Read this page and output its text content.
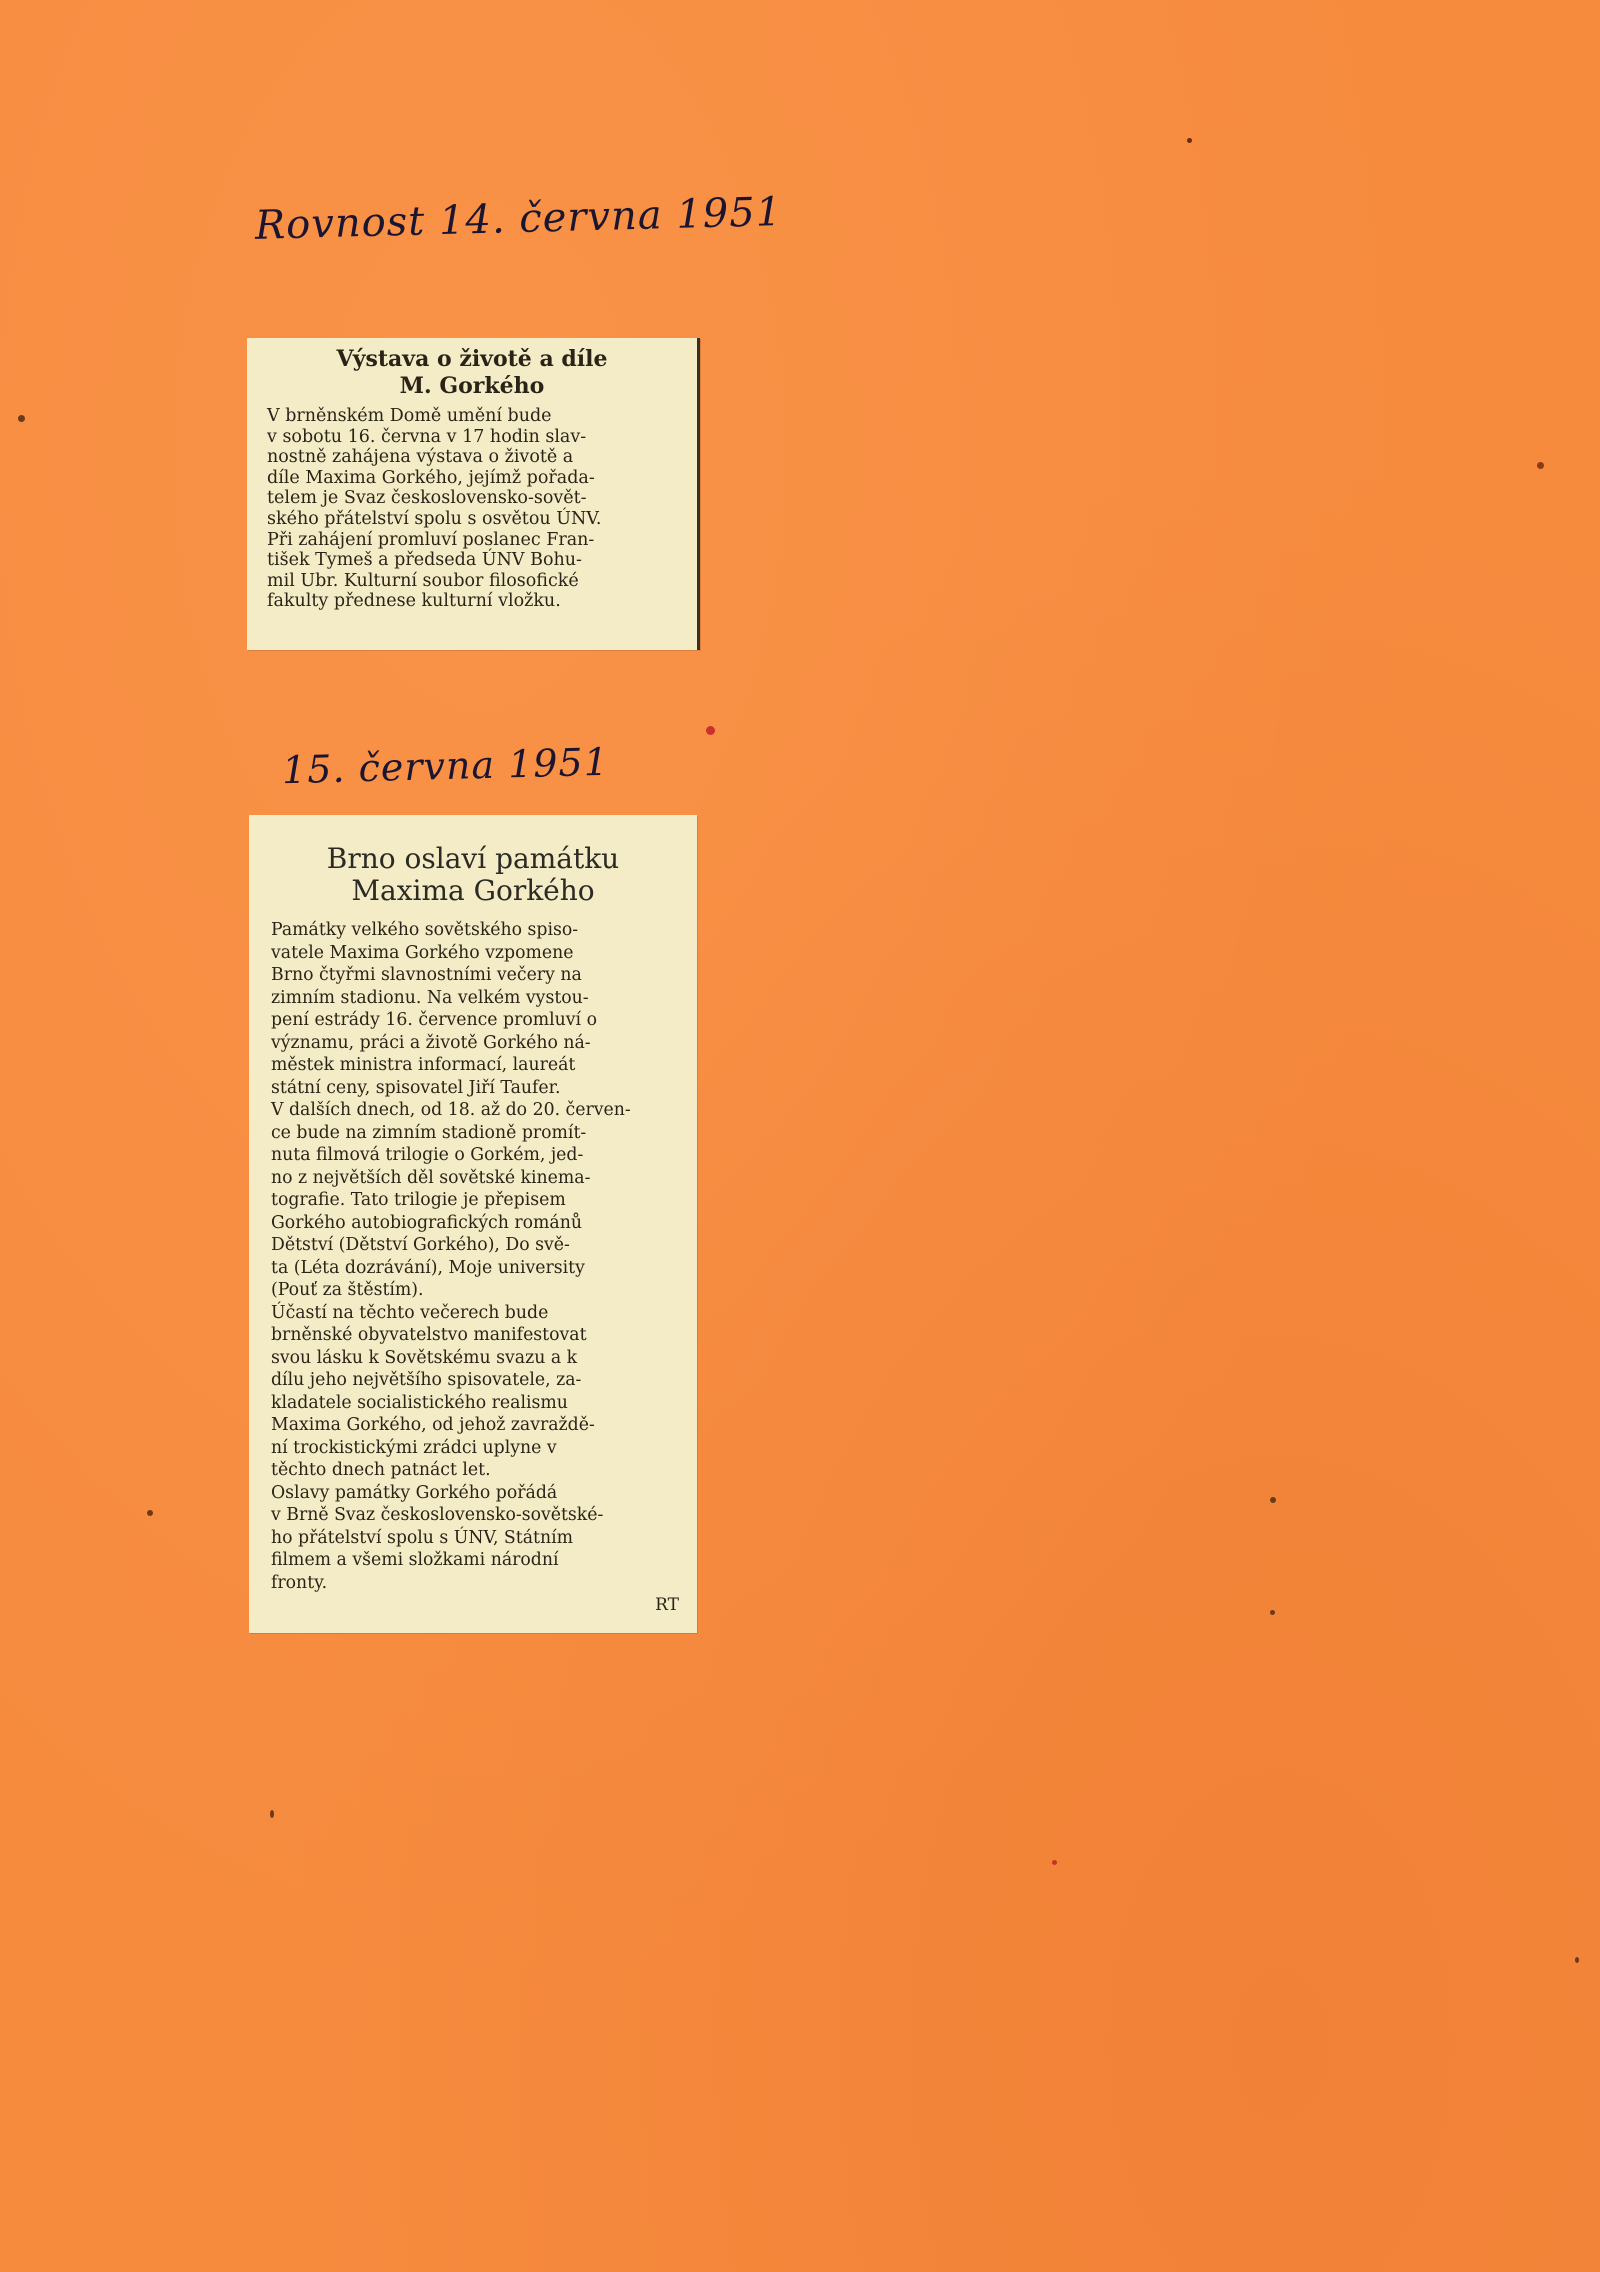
Rovnost 14. června 1951
Výstava o životě a díle
M. Gorkého
V brněnském Domě umění bude
v sobotu 16. června v 17 hodin slav-
nostně zahájena výstava o životě a
díle Maxima Gorkého, jejímž pořada-
telem je Svaz československo-sovět-
ského přátelství spolu s osvětou ÚNV.
Při zahájení promluví poslanec Fran-
tišek Tymeš a předseda ÚNV Bohu-
mil Ubr. Kulturní soubor filosofické
fakulty přednese kulturní vložku.
15. června 1951
Brno oslaví památku
Maxima Gorkého
Památky velkého sovětského spiso-
vatele Maxima Gorkého vzpomene
Brno čtyřmi slavnostními večery na
zimním stadionu. Na velkém vystou-
pení estrády 16. července promluví o
významu, práci a životě Gorkého ná-
městek ministra informací, laureát
státní ceny, spisovatel Jiří Taufer.
V dalších dnech, od 18. až do 20. červen-
ce bude na zimním stadioně promít-
nuta filmová trilogie o Gorkém, jed-
no z největších děl sovětské kinema-
tografie. Tato trilogie je přepisem
Gorkého autobiografických románů
Dětství (Dětství Gorkého), Do svě-
ta (Léta dozrávání), Moje university
(Pouť za štěstím).
Účastí na těchto večerech bude
brněnské obyvatelstvo manifestovat
svou lásku k Sovětskému svazu a k
dílu jeho největšího spisovatele, za-
kladatele socialistického realismu
Maxima Gorkého, od jehož zavraždě-
ní trockistickými zrádci uplyne v
těchto dnech patnáct let.
Oslavy památky Gorkého pořádá
v Brně Svaz československo-sovětské-
ho přátelství spolu s ÚNV, Státním
filmem a všemi složkami národní
fronty.
RT
